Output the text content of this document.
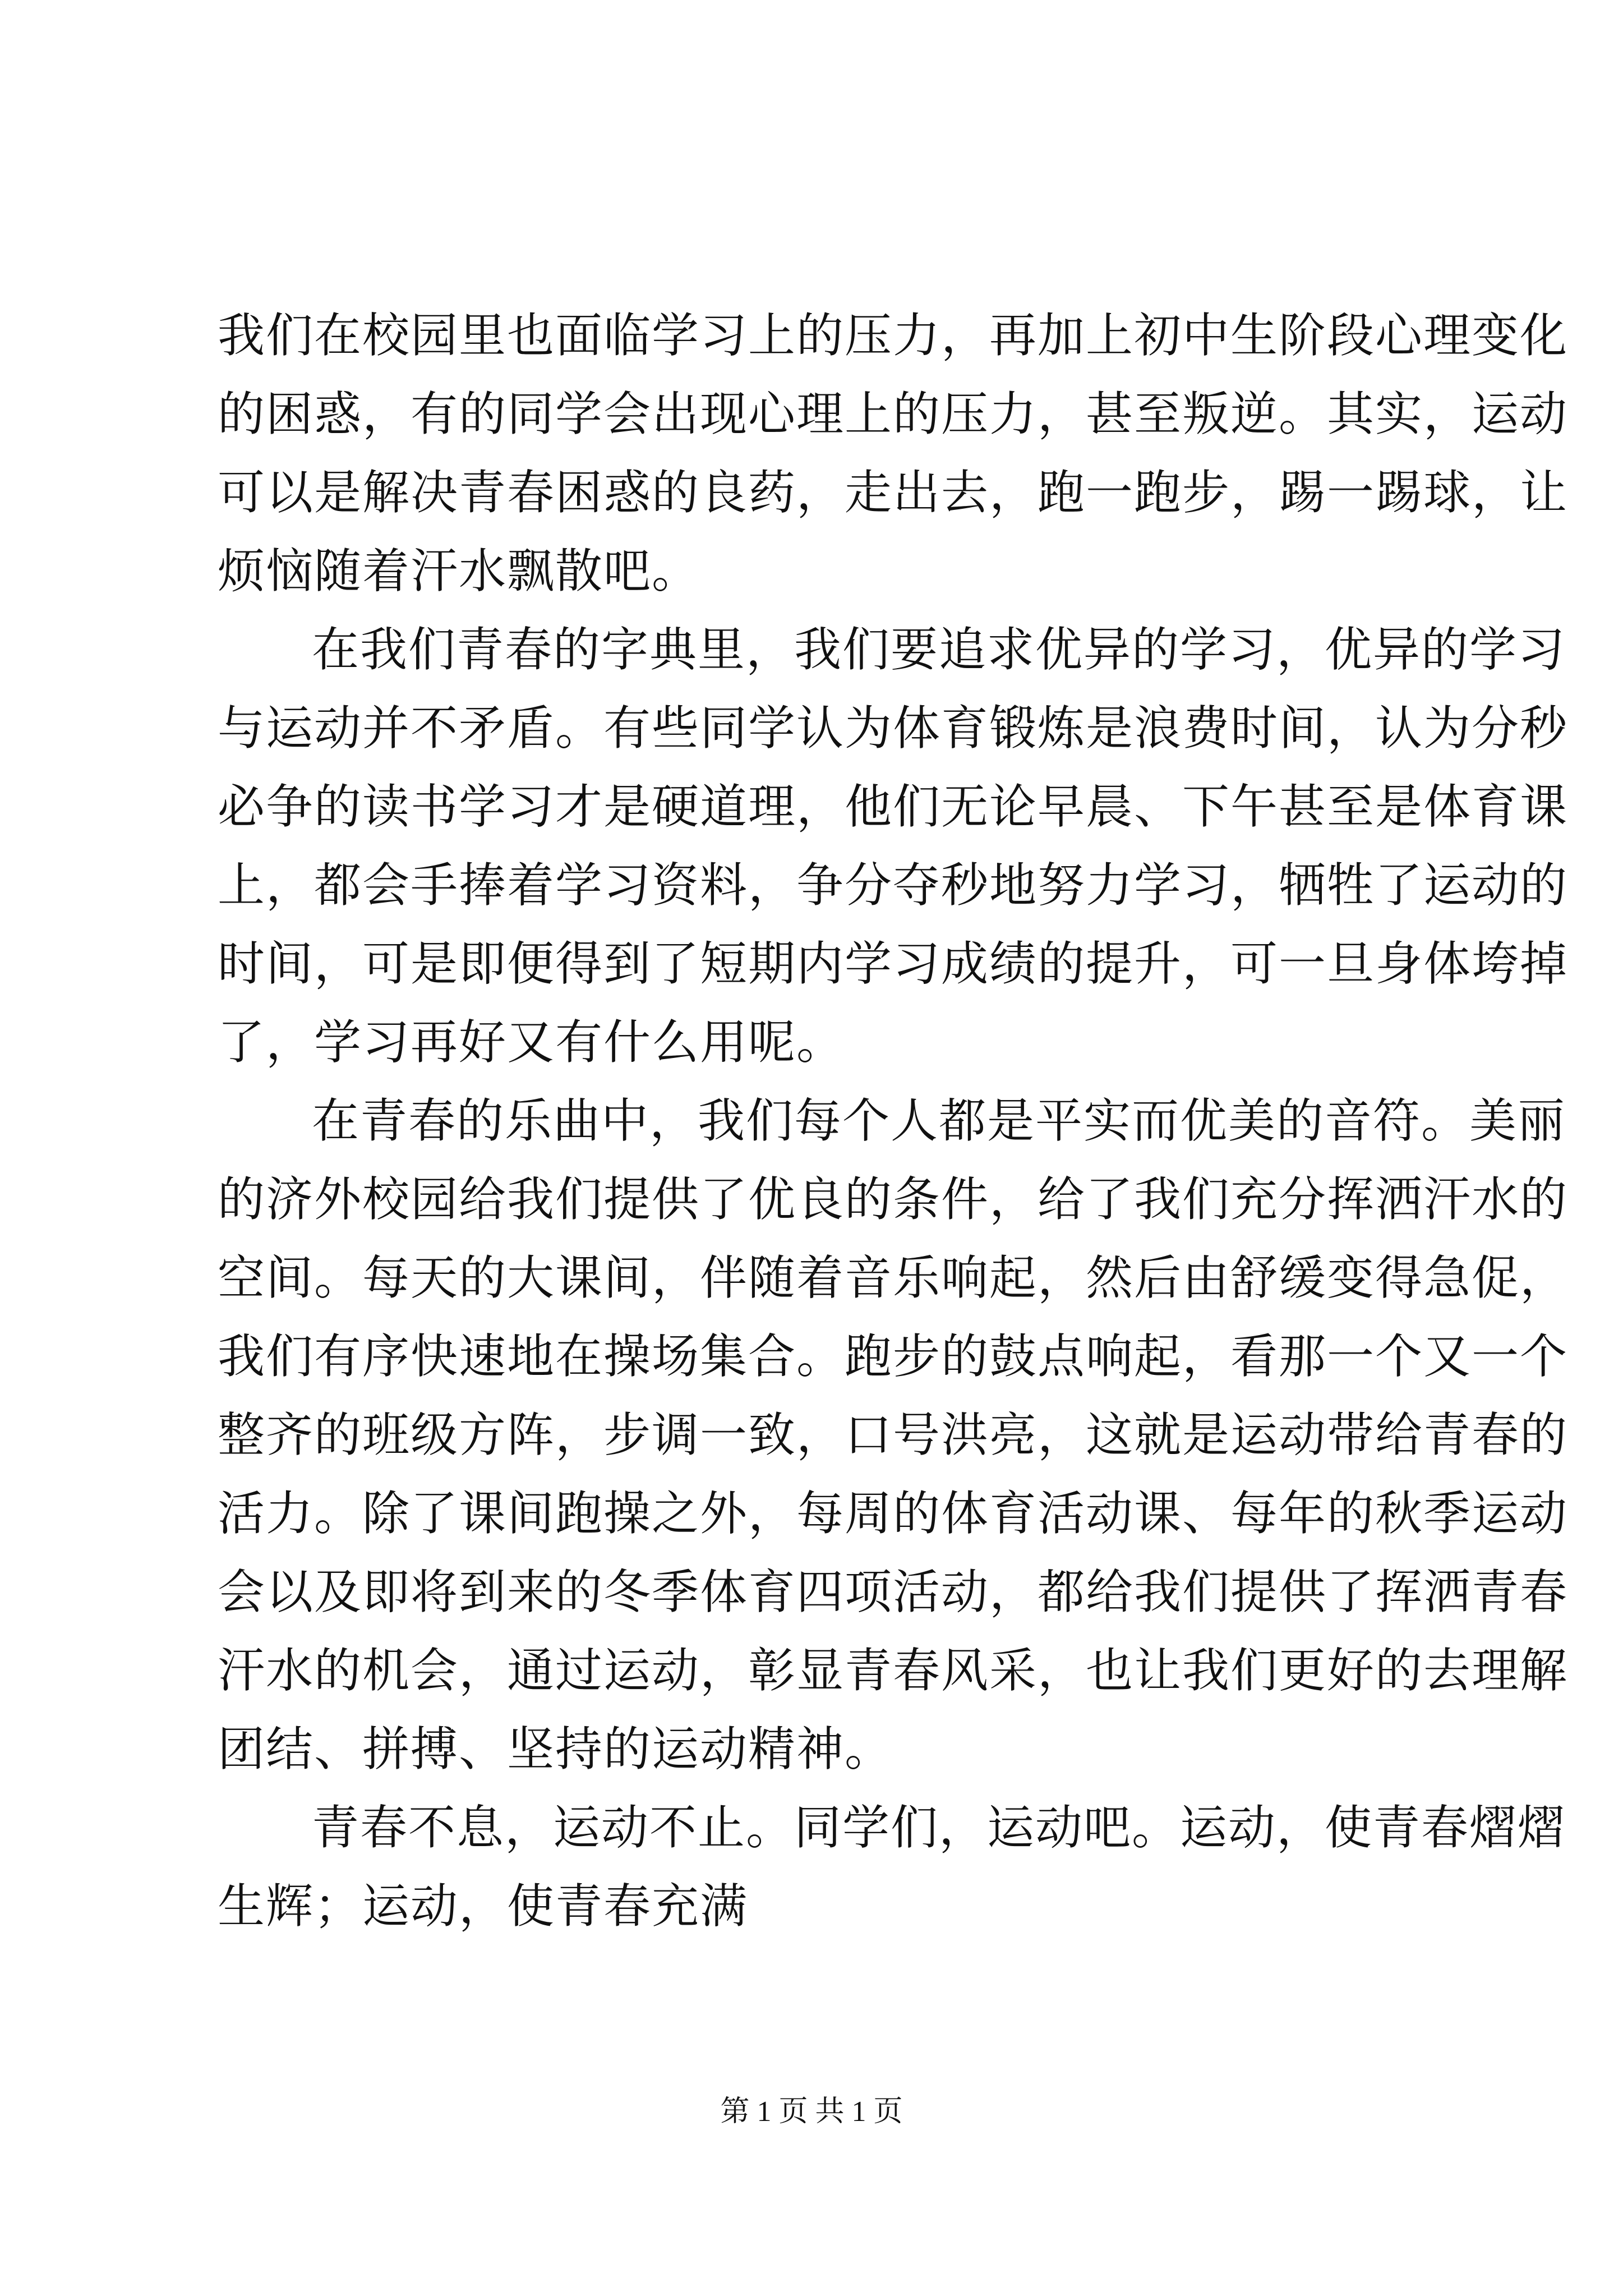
我们在校园里也面临学习上的压力，再加上初中生阶段心理变化
的困惑，有的同学会出现心理上的压力，甚至叛逆。其实，运动
可以是解决青春困惑的良药，走出去，跑一跑步，踢一踢球，让
烦恼随着汗水飘散吧。

在我们青春的字典里，我们要追求优异的学习，优异的学习
与运动并不矛盾。有些同学认为体育锻炼是浪费时间，认为分秒
必争的读书学习才是硬道理，他们无论早晨、下午甚至是体育课
上，都会手捧着学习资料，争分夺秒地努力学习，牺牲了运动的
时间，可是即便得到了短期内学习成绩的提升，可一旦身体垮掉
了，学习再好又有什么用呢。

在青春的乐曲中，我们每个人都是平实而优美的音符。美丽
的济外校园给我们提供了优良的条件，给了我们充分挥洒汗水的
空间。每天的大课间，伴随着音乐响起，然后由舒缓变得急促，
我们有序快速地在操场集合。跑步的鼓点响起，看那一个又一个
整齐的班级方阵，步调一致，口号洪亮，这就是运动带给青春的
活力。除了课间跑操之外，每周的体育活动课、每年的秋季运动
会以及即将到来的冬季体育四项活动，都给我们提供了挥洒青春
汗水的机会，通过运动，彰显青春风采，也让我们更好的去理解
团结、拼搏、坚持的运动精神。

青春不息，运动不止。同学们，运动吧。运动，使青春熠熠
生辉；运动，使青春充满

第 1 页 共 1 页
